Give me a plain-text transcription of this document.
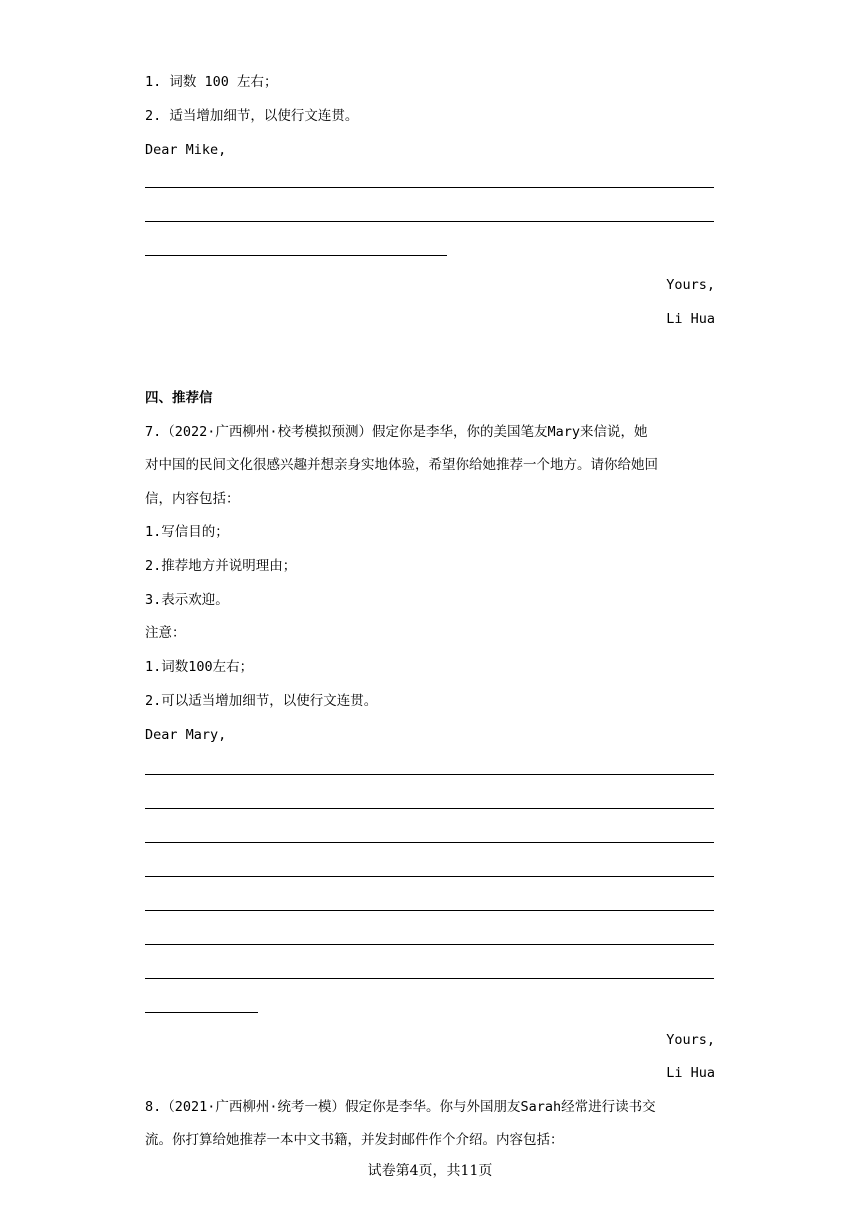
1. 词数 100 左右；
2. 适当增加细节，以使行文连贯。
Dear Mike,
Yours,
Li Hua
四、推荐信
7.（2022·广西柳州·校考模拟预测）假定你是李华，你的美国笔友Mary来信说，她
对中国的民间文化很感兴趣并想亲身实地体验，希望你给她推荐一个地方。请你给她回
信，内容包括：
1.写信目的；
2.推荐地方并说明理由；
3.表示欢迎。
注意：
1.词数100左右；
2.可以适当增加细节，以使行文连贯。
Dear Mary,
Yours,
Li Hua
8.（2021·广西柳州·统考一模）假定你是李华。你与外国朋友Sarah经常进行读书交
流。你打算给她推荐一本中文书籍，并发封邮件作个介绍。内容包括：
试卷第4页，共11页
